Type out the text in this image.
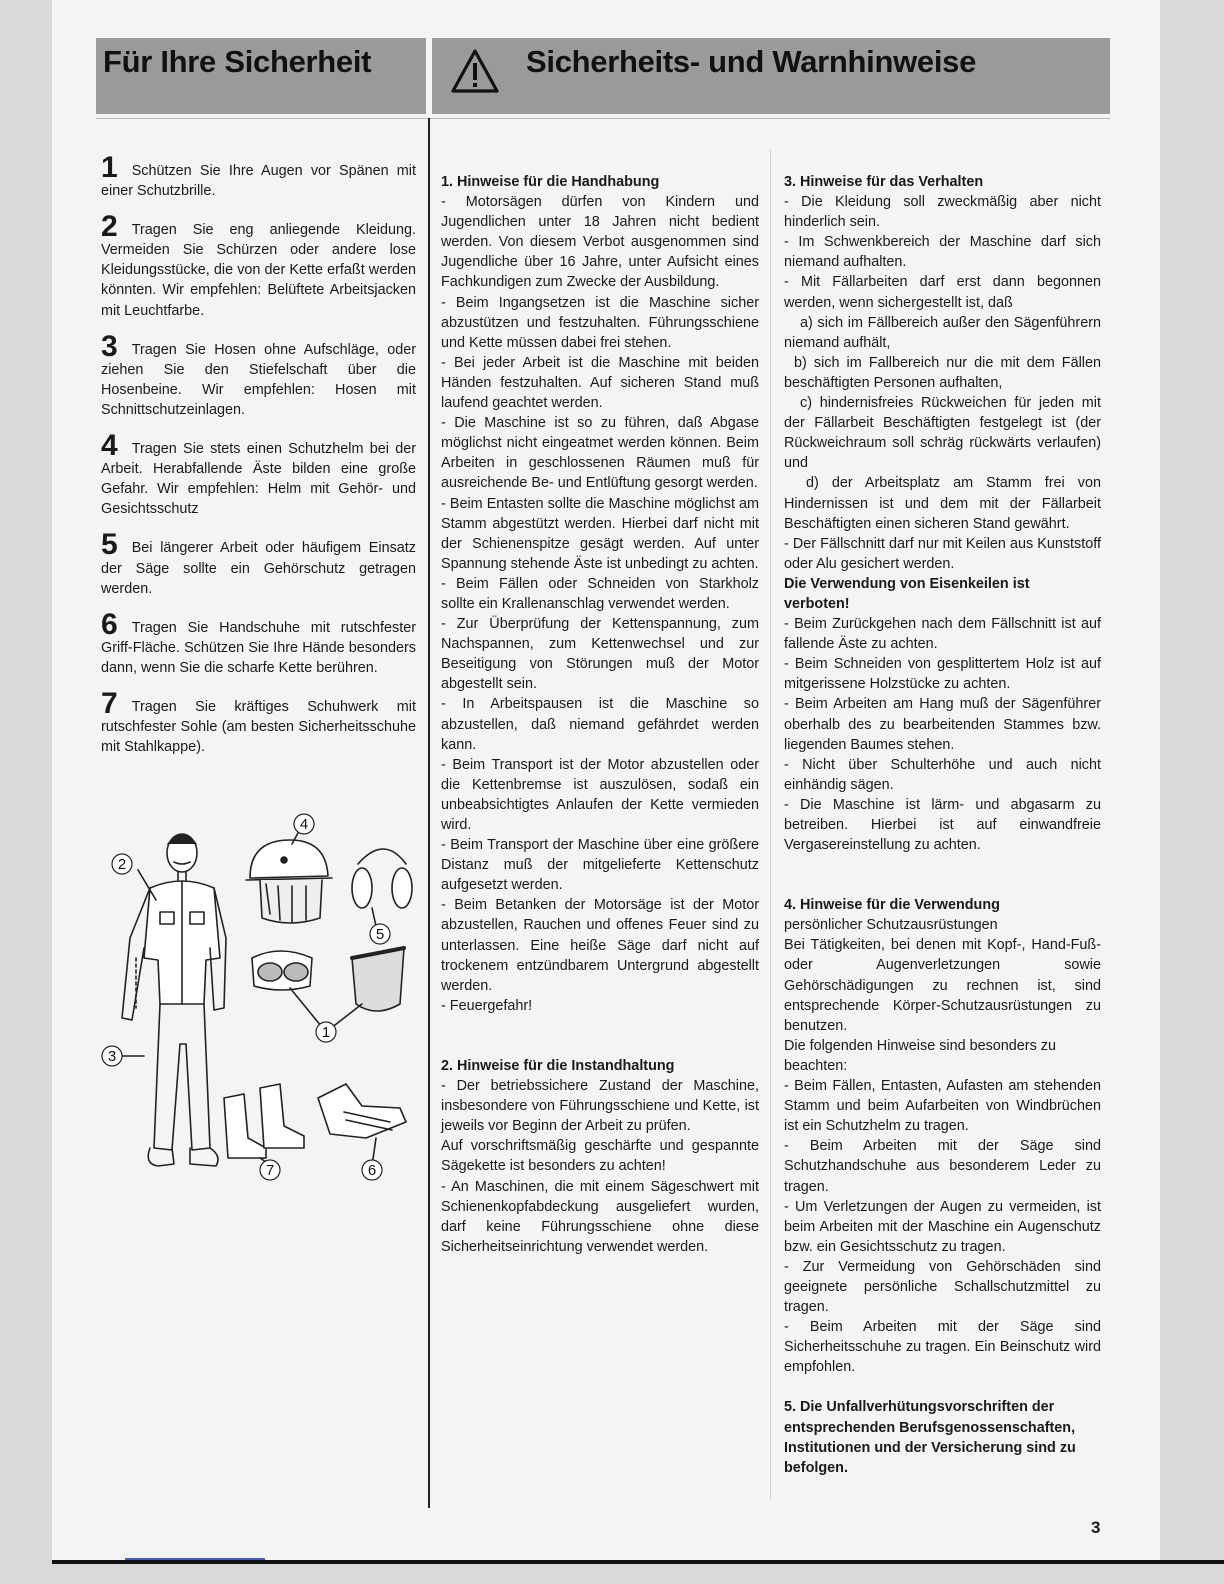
Für Ihre Sicherheit	Sicherheits- und Warnhinweise

1 Schützen Sie Ihre Augen vor Spänen mit einer Schutzbrille.

2 Tragen Sie eng anliegende Kleidung. Vermeiden Sie Schürzen oder andere lose Kleidungsstücke, die von der Kette erfaßt werden könnten. Wir empfehlen: Belüftete Arbeitsjacken mit Leuchtfarbe.

3 Tragen Sie Hosen ohne Aufschläge, oder ziehen Sie den Stiefelschaft über die Hosenbeine. Wir empfehlen: Hosen mit Schnittschutzeinlagen.

4 Tragen Sie stets einen Schutzhelm bei der Arbeit. Herabfallende Äste bilden eine große Gefahr. Wir empfehlen: Helm mit Gehör- und Gesichtsschutz

5 Bei längerer Arbeit oder häufigem Einsatz der Säge sollte ein Gehörschutz getragen werden.

6 Tragen Sie Handschuhe mit rutschfester Griff-Fläche. Schützen Sie Ihre Hände besonders dann, wenn Sie die scharfe Kette berühren.

7 Tragen Sie kräftiges Schuhwerk mit rutschfester Sohle (am besten Sicherheitsschuhe mit Stahlkappe).

1
2
3
4
5
6
7
1. Hinweise für die Handhabung
- Motorsägen dürfen von Kindern und Jugendlichen unter 18 Jahren nicht bedient werden. Von diesem Verbot ausgenommen sind Jugendliche über 16 Jahre, unter Aufsicht eines Fachkundigen zum Zwecke der Ausbildung.
- Beim Ingangsetzen ist die Maschine sicher abzustützen und festzuhalten. Führungsschiene und Kette müssen dabei frei stehen.
- Bei jeder Arbeit ist die Maschine mit beiden Händen festzuhalten. Auf sicheren Stand muß laufend geachtet werden.
- Die Maschine ist so zu führen, daß Abgase möglichst nicht eingeatmet werden können. Beim Arbeiten in geschlossenen Räumen muß für ausreichende Be- und Entlüftung gesorgt werden.
- Beim Entasten sollte die Maschine möglichst am Stamm abgestützt werden. Hierbei darf nicht mit der Schienenspitze gesägt werden. Auf unter Spannung stehende Äste ist unbedingt zu achten.
- Beim Fällen oder Schneiden von Starkholz sollte ein Krallenanschlag verwendet werden.
- Zur Überprüfung der Kettenspannung, zum Nachspannen, zum Kettenwechsel und zur Beseitigung von Störungen muß der Motor abgestellt sein.
- In Arbeitspausen ist die Maschine so abzustellen, daß niemand gefährdet werden kann.
- Beim Transport ist der Motor abzustellen oder die Kettenbremse ist auszulösen, sodaß ein unbeabsichtigtes Anlaufen der Kette vermieden wird.
- Beim Transport der Maschine über eine größere Distanz muß der mitgelieferte Kettenschutz aufgesetzt werden.
- Beim Betanken der Motorsäge ist der Motor abzustellen, Rauchen und offenes Feuer sind zu unterlassen. Eine heiße Säge darf nicht auf trockenem entzündbarem Untergrund abgestellt werden.
- Feuergefahr!
2. Hinweise für die Instandhaltung
- Der betriebssichere Zustand der Maschine, insbesondere von Führungsschiene und Kette, ist jeweils vor Beginn der Arbeit zu prüfen.
Auf vorschriftsmäßig geschärfte und gespannte Sägekette ist besonders zu achten!
- An Maschinen, die mit einem Sägeschwert mit Schienenkopfabdeckung ausgeliefert wurden, darf keine Führungsschiene ohne diese Sicherheitseinrichtung verwendet werden.
3. Hinweise für das Verhalten
- Die Kleidung soll zweckmäßig aber nicht hinderlich sein.
- Im Schwenkbereich der Maschine darf sich niemand aufhalten.
- Mit Fällarbeiten darf erst dann begonnen werden, wenn sichergestellt ist, daß
a) sich im Fällbereich außer den Sägenführern niemand aufhält,
b) sich im Fallbereich nur die mit dem Fällen beschäftigten Personen aufhalten,
c) hindernisfreies Rückweichen für jeden mit der Fällarbeit Beschäftigten festgelegt ist (der Rückweichraum soll schräg rückwärts verlaufen) und
d) der Arbeitsplatz am Stamm frei von Hindernissen ist und dem mit der Fällarbeit Beschäftigten einen sicheren Stand gewährt.
- Der Fällschnitt darf nur mit Keilen aus Kunststoff oder Alu gesichert werden.
Die Verwendung von Eisenkeilen ist verboten!
- Beim Zurückgehen nach dem Fällschnitt ist auf fallende Äste zu achten.
- Beim Schneiden von gesplittertem Holz ist auf mitgerissene Holzstücke zu achten.
- Beim Arbeiten am Hang muß der Sägenführer oberhalb des zu bearbeitenden Stammes bzw. liegenden Baumes stehen.
- Nicht über Schulterhöhe und auch nicht einhändig sägen.
- Die Maschine ist lärm- und abgasarm zu betreiben. Hierbei ist auf einwandfreie Vergasereinstellung zu achten.
4. Hinweise für die Verwendung
persönlicher Schutzausrüstungen
Bei Tätigkeiten, bei denen mit Kopf-, Hand-Fuß- oder Augenverletzungen sowie Gehörschädigungen zu rechnen ist, sind entsprechende Körper-Schutzausrüstungen zu benutzen.
Die folgenden Hinweise sind besonders zu beachten:
- Beim Fällen, Entasten, Aufasten am stehenden Stamm und beim Aufarbeiten von Windbrüchen ist ein Schutzhelm zu tragen.
- Beim Arbeiten mit der Säge sind Schutzhandschuhe aus besonderem Leder zu tragen.
- Um Verletzungen der Augen zu vermeiden, ist beim Arbeiten mit der Maschine ein Augenschutz bzw. ein Gesichtsschutz zu tragen.
- Zur Vermeidung von Gehörschäden sind geeignete persönliche Schallschutzmittel zu tragen.
- Beim Arbeiten mit der Säge sind Sicherheitsschuhe zu tragen. Ein Beinschutz wird empfohlen.
5. Die Unfallverhütungsvorschriften der entsprechenden Berufsgenossenschaften, Institutionen und der Versicherung sind zu befolgen.
3
